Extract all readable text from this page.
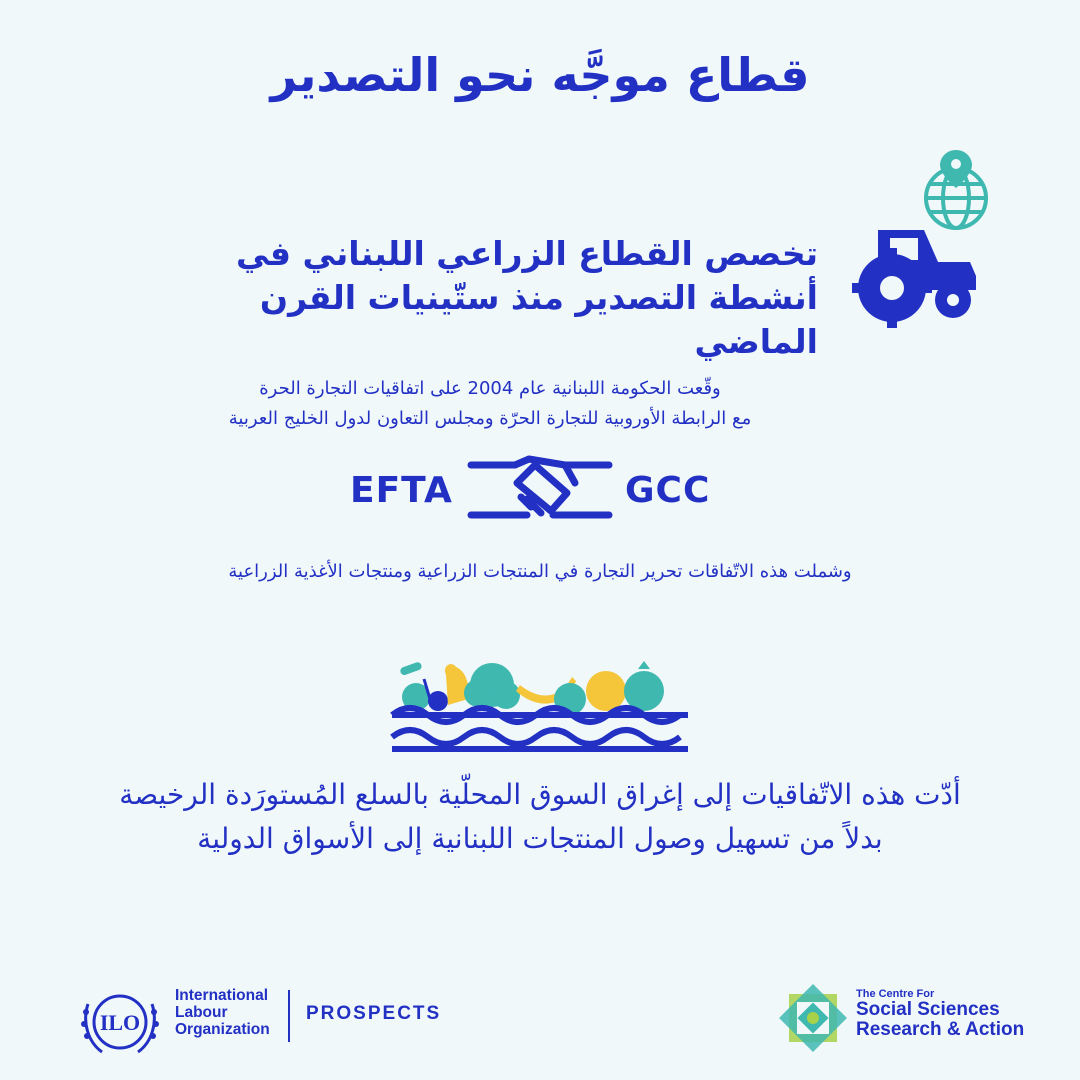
قطاع موجَّه نحو التصدير
تخصص القطاع الزراعي اللبناني في
أنشطة التصدير منذ ستّينيات القرن الماضي
وقّعت الحكومة اللبنانية عام 2004 على اتفاقيات التجارة الحرة
مع الرابطة الأوروبية للتجارة الحرّة ومجلس التعاون لدول الخليج العربية
EFTA	GCC
وشملت هذه الاتّفاقات تحرير التجارة في المنتجات الزراعية ومنتجات الأغذية الزراعية
أدّت هذه الاتّفاقيات إلى إغراق السوق المحلّية بالسلع المُستورَدة الرخيصة
بدلاً من تسهيل وصول المنتجات اللبنانية إلى الأسواق الدولية
ILO
International
Labour
Organization
PROSPECTS
The Centre For
Social Sciences
Research & Action
